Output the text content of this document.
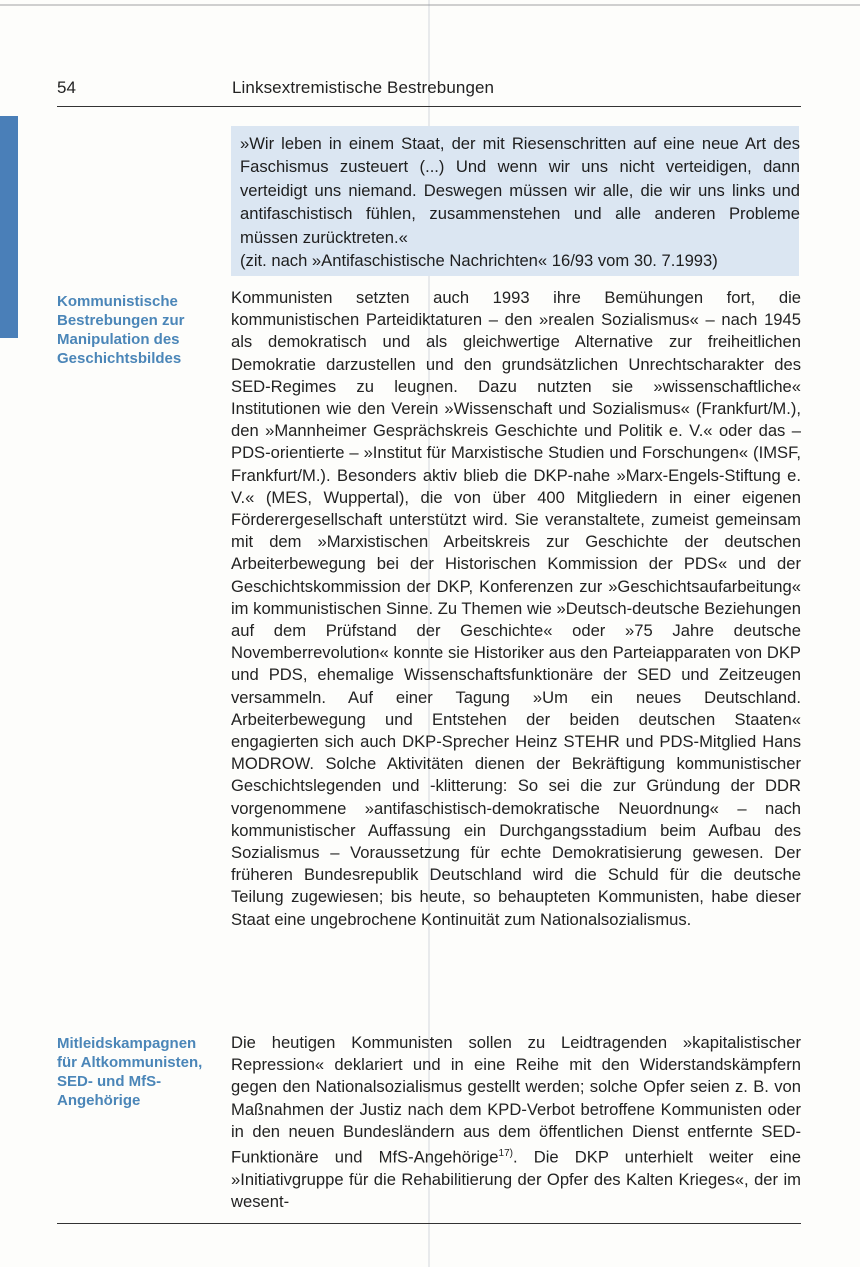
54	Linksextremistische Bestrebungen

»Wir leben in einem Staat, der mit Riesenschritten auf eine neue Art des Faschismus zusteuert (...) Und wenn wir uns nicht verteidigen, dann verteidigt uns niemand. Deswegen müssen wir alle, die wir uns links und antifaschistisch fühlen, zusammenstehen und alle anderen Probleme müssen zurücktreten.«
(zit. nach »Antifaschistische Nachrichten« 16/93 vom 30. 7.1993)

Kommunistische Bestrebungen zur Manipulation des Geschichtsbildes

Kommunisten setzten auch 1993 ihre Bemühungen fort, die kommunistischen Parteidiktaturen – den »realen Sozialismus« – nach 1945 als demokratisch und als gleichwertige Alternative zur freiheitlichen Demokratie darzustellen und den grundsätzlichen Unrechtscharakter des SED-Regimes zu leugnen. Dazu nutzten sie »wissenschaftliche« Institutionen wie den Verein »Wissenschaft und Sozialismus« (Frankfurt/M.), den »Mannheimer Gesprächskreis Geschichte und Politik e. V.« oder das – PDS-orientierte – »Institut für Marxistische Studien und Forschungen« (IMSF, Frankfurt/M.). Besonders aktiv blieb die DKP-nahe »Marx-Engels-Stiftung e. V.« (MES, Wuppertal), die von über 400 Mitgliedern in einer eigenen Förderergesellschaft unterstützt wird. Sie veranstaltete, zumeist gemeinsam mit dem »Marxistischen Arbeitskreis zur Geschichte der deutschen Arbeiterbewegung bei der Historischen Kommission der PDS« und der Geschichtskommission der DKP, Konferenzen zur »Geschichtsaufarbeitung« im kommunistischen Sinne. Zu Themen wie »Deutsch-deutsche Beziehungen auf dem Prüfstand der Geschichte« oder »75 Jahre deutsche Novemberrevolution« konnte sie Historiker aus den Parteiapparaten von DKP und PDS, ehemalige Wissenschaftsfunktionäre der SED und Zeitzeugen versammeln. Auf einer Tagung »Um ein neues Deutschland. Arbeiterbewegung und Entstehen der beiden deutschen Staaten« engagierten sich auch DKP-Sprecher Heinz STEHR und PDS-Mitglied Hans MODROW. Solche Aktivitäten dienen der Bekräftigung kommunistischer Geschichtslegenden und -klitterung: So sei die zur Gründung der DDR vorgenommene »antifaschistisch-demokratische Neuordnung« – nach kommunistischer Auffassung ein Durchgangsstadium beim Aufbau des Sozialismus – Voraussetzung für echte Demokratisierung gewesen. Der früheren Bundesrepublik Deutschland wird die Schuld für die deutsche Teilung zugewiesen; bis heute, so behaupteten Kommunisten, habe dieser Staat eine ungebrochene Kontinuität zum Nationalsozialismus.

Mitleidskampagnen für Altkommunisten, SED- und MfS-Angehörige

Die heutigen Kommunisten sollen zu Leidtragenden »kapitalistischer Repression« deklariert und in eine Reihe mit den Widerstandskämpfern gegen den Nationalsozialismus gestellt werden; solche Opfer seien z. B. von Maßnahmen der Justiz nach dem KPD-Verbot betroffene Kommunisten oder in den neuen Bundesländern aus dem öffentlichen Dienst entfernte SED-Funktionäre und MfS-Angehörige$^{17)}$. Die DKP unterhielt weiter eine »Initiativgruppe für die Rehabilitierung der Opfer des Kalten Krieges«, der im wesent-
